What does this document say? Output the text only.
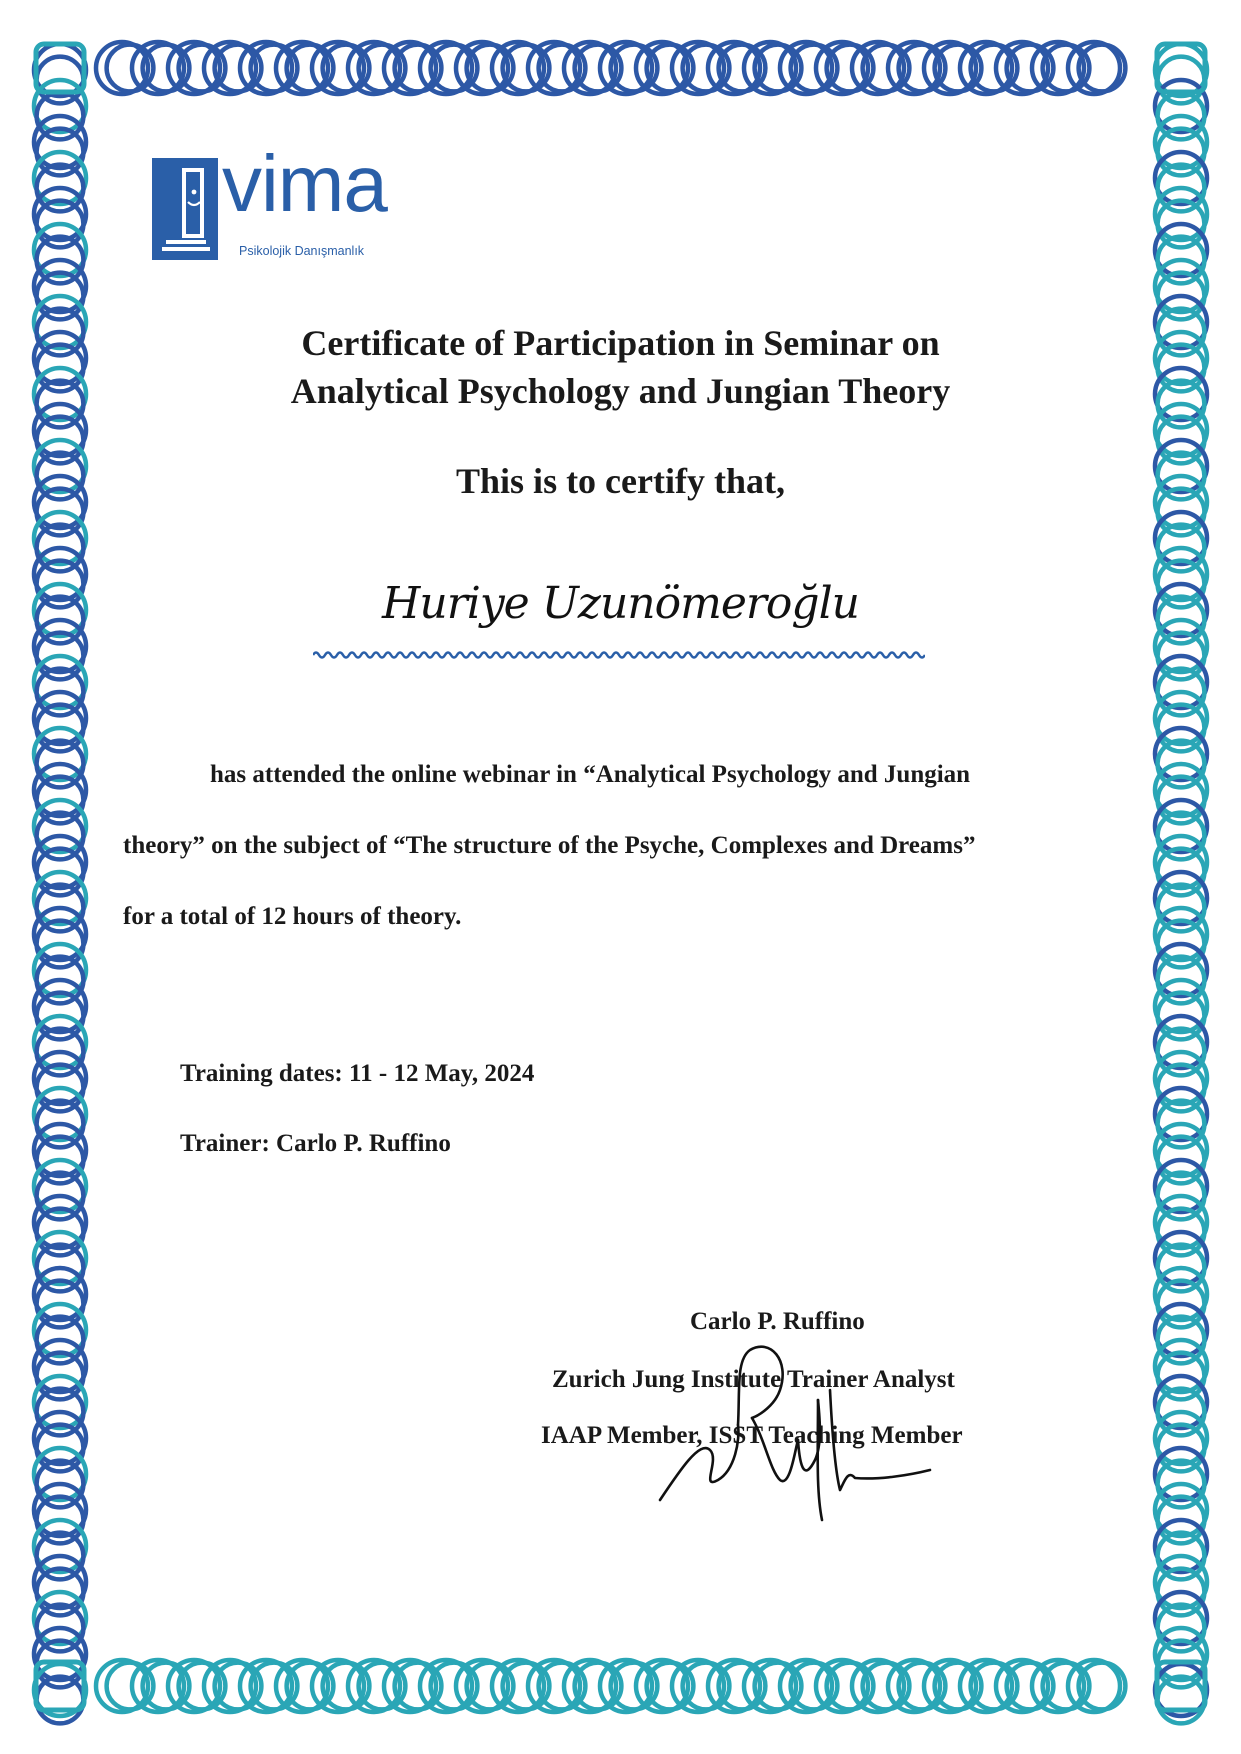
vima
Psikolojik Danışmanlık
Certificate of Participation in Seminar on
Analytical Psychology and Jungian Theory
This is to certify that,
Huriye Uzunömeroğlu
has attended the online webinar in “Analytical Psychology and Jungian
theory” on the subject of “The structure of the Psyche, Complexes and Dreams”
for a total of 12 hours of theory.
Training dates: 11 - 12 May, 2024
Trainer: Carlo P. Ruffino
Carlo P. Ruffino
Zurich Jung Institute Trainer Analyst
IAAP Member, ISST Teaching Member
